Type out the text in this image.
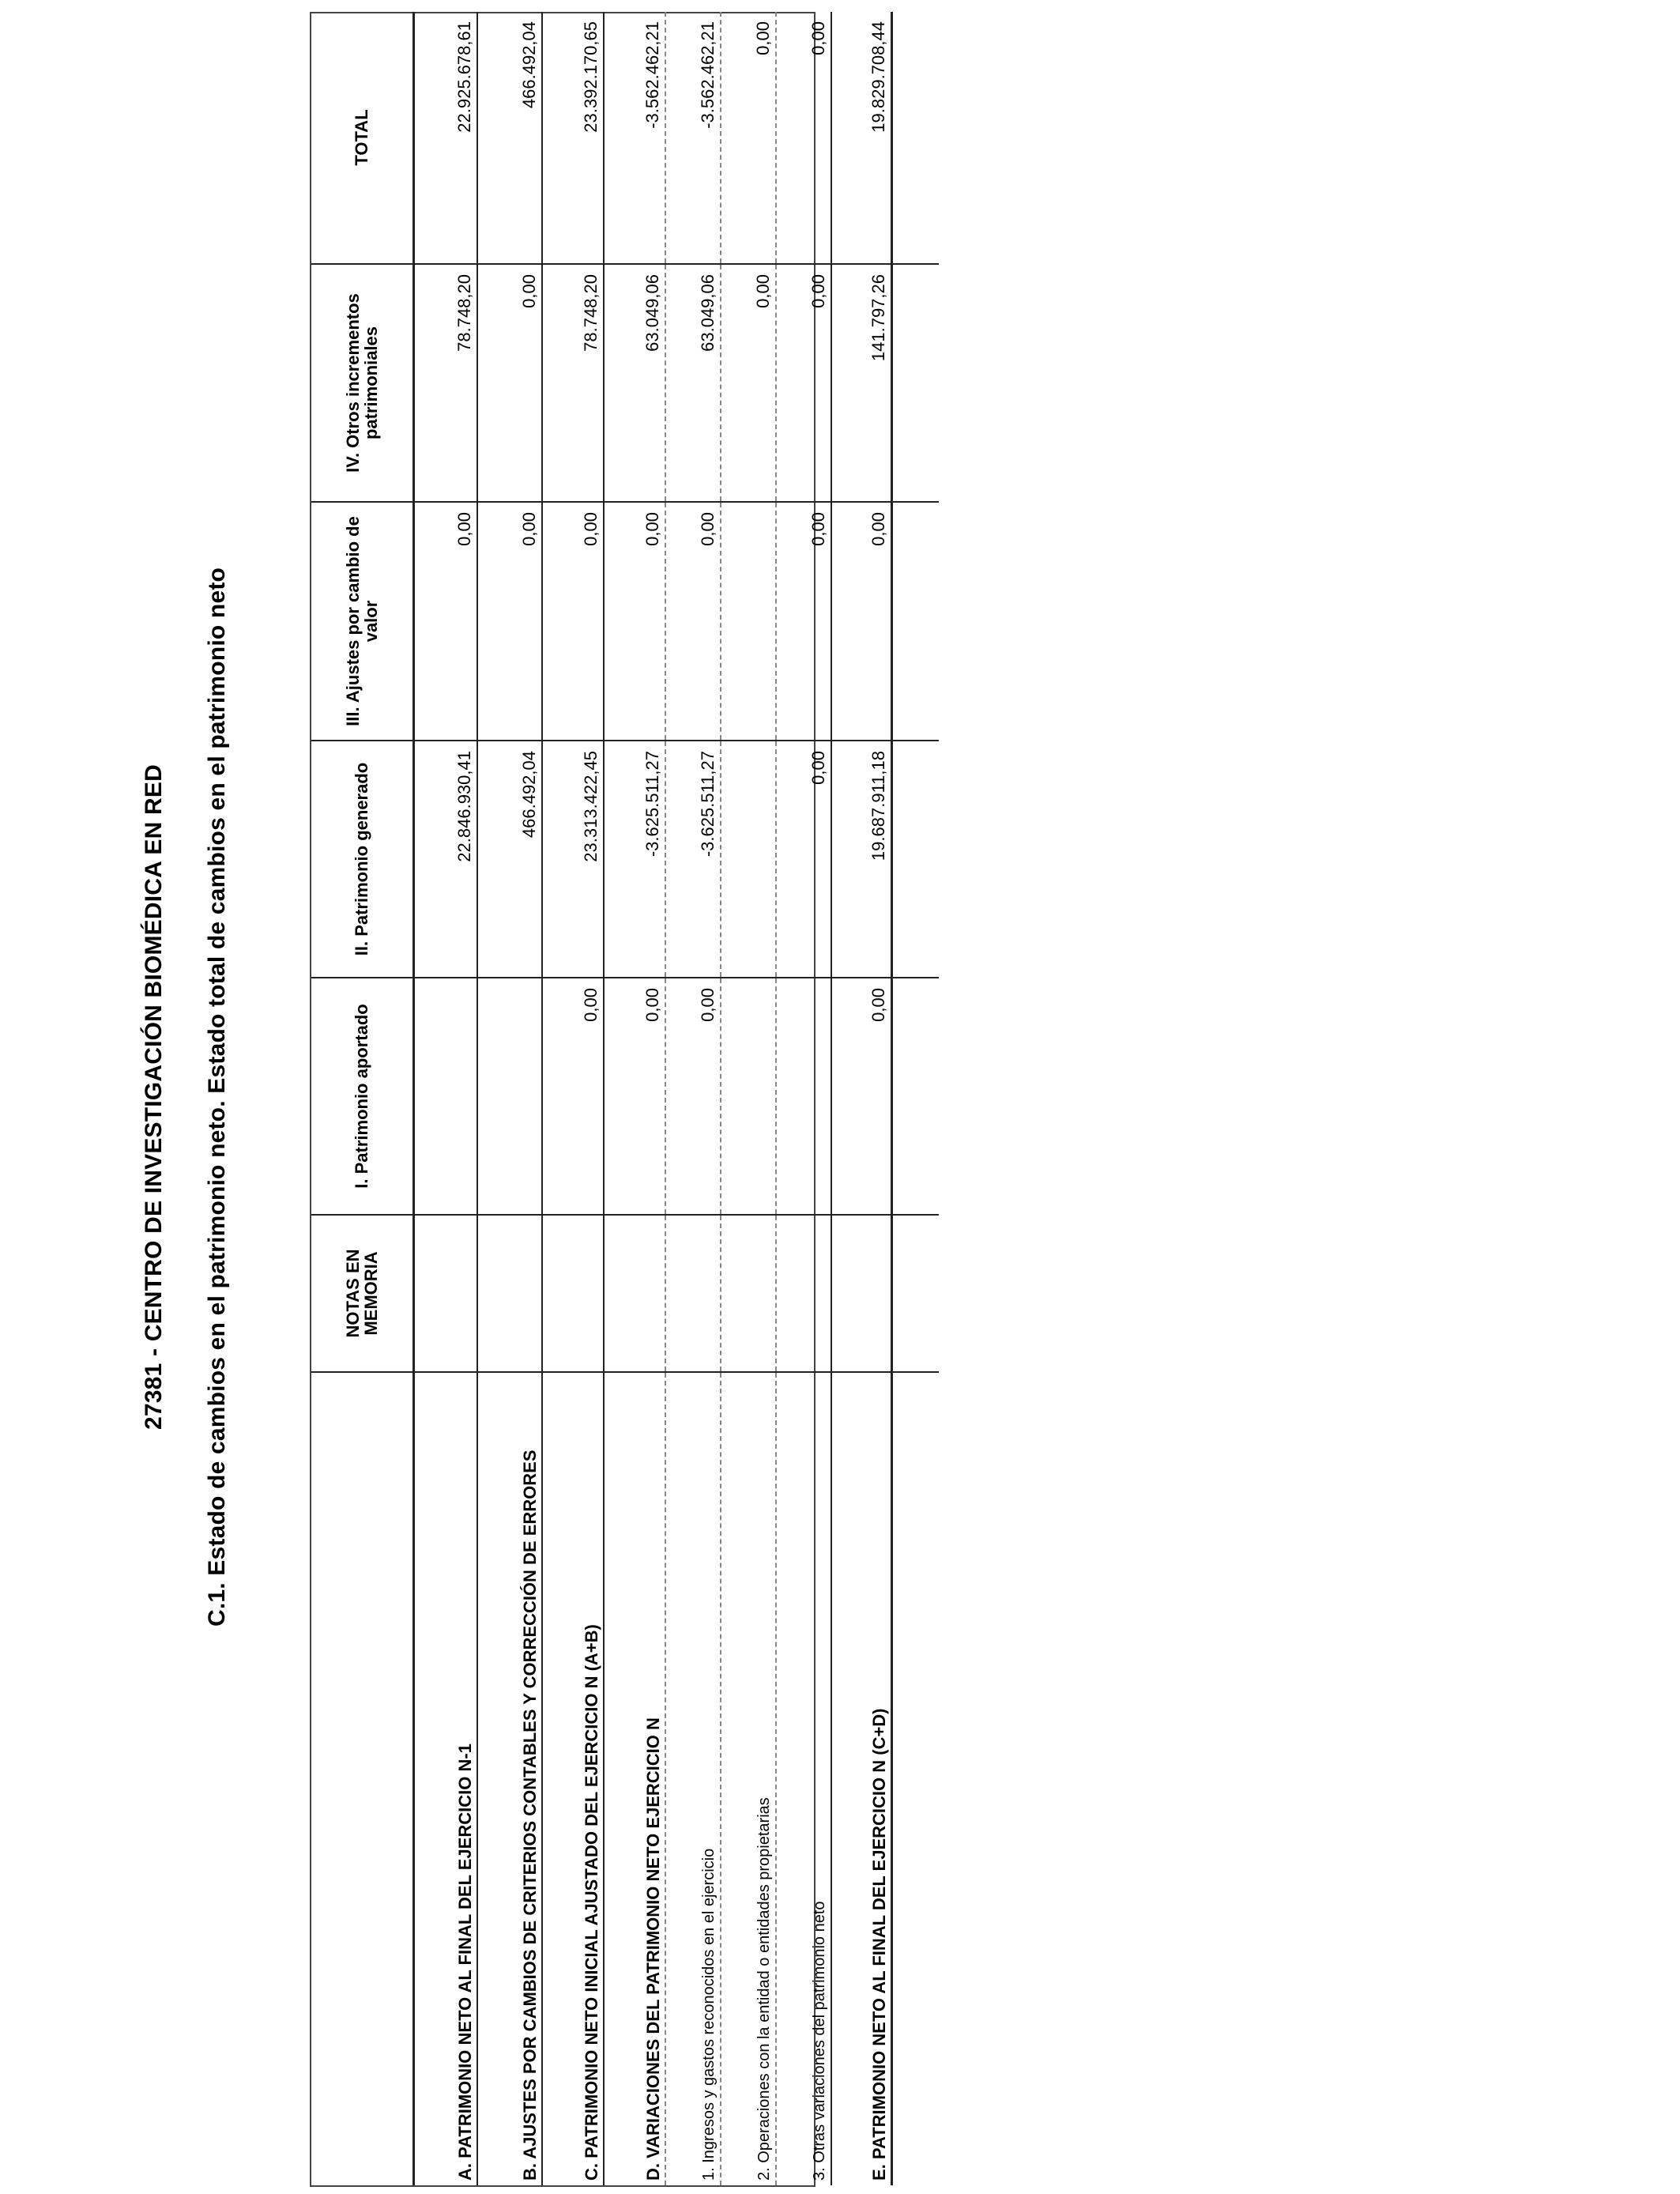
27381 - CENTRO DE INVESTIGACIÓN BIOMÉDICA EN RED C.1. Estado de cambios en el patrimonio neto. Estado total de cambios en el patrimonio neto
		NOTAS EN MEMORIA	I. Patrimonio aportado	II. Patrimonio generado	III. Ajustes por cambio de valor	IV. Otros incrementos patrimoniales	TOTAL
A. PATRIMONIO NETO AL FINAL DEL EJERCICIO N-1			22.846.930,41	0,00	78.748,20	22.925.678,61
B. AJUSTES POR CAMBIOS DE CRITERIOS CONTABLES Y CORRECCIÓN DE ERRORES			466.492,04	0,00	0,00	466.492,04
C. PATRIMONIO NETO INICIAL AJUSTADO DEL EJERCICIO N (A+B)		0,00	23.313.422,45	0,00	78.748,20	23.392.170,65
D. VARIACIONES DEL PATRIMONIO NETO EJERCICIO N		0,00	-3.625.511,27	0,00	63.049,06	-3.562.462,21
1. Ingresos y gastos reconocidos en el ejercicio		0,00	-3.625.511,27	0,00	63.049,06	-3.562.462,21
2. Operaciones con la entidad o entidades propietarias					0,00	0,00
3. Otras variaciones del patrimonio neto			0,00	0,00	0,00	0,00
E. PATRIMONIO NETO AL FINAL DEL EJERCICIO N (C+D)		0,00	19.687.911,18	0,00	141.797,26	19.829.708,44
